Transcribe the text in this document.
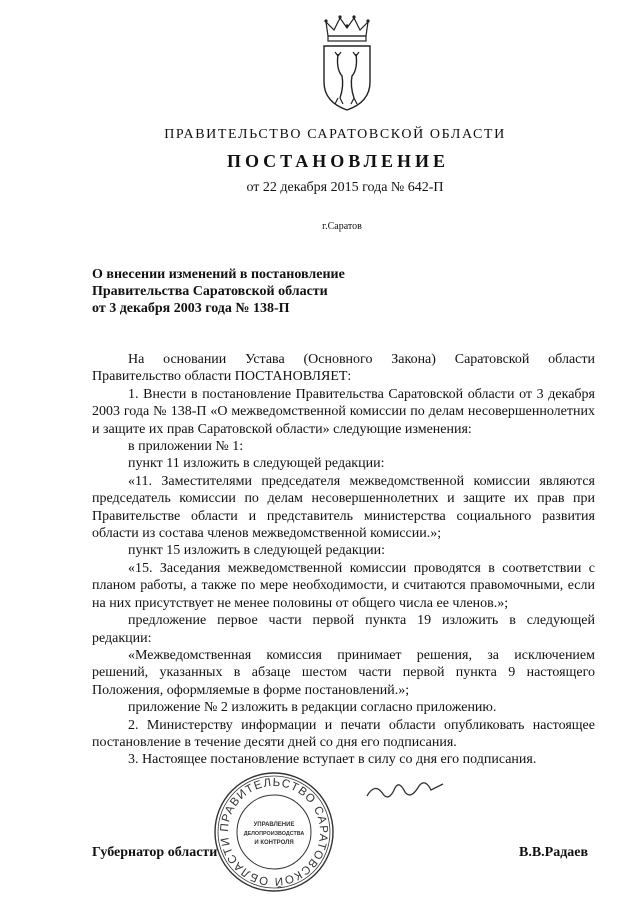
ПРАВИТЕЛЬСТВО САРАТОВСКОЙ ОБЛАСТИ
ПОСТАНОВЛЕНИЕ
от 22 декабря 2015 года № 642-П
г.Саратов
О внесении изменений в постановление
Правительства Саратовской области
от 3 декабря 2003 года № 138-П

На основании Устава (Основного Закона) Саратовской области Правительство области ПОСТАНОВЛЯЕТ:

1. Внести в постановление Правительства Саратовской области от 3 декабря 2003 года № 138-П «О межведомственной комиссии по делам несовершеннолетних и защите их прав Саратовской области» следующие изменения:

в приложении № 1:

пункт 11 изложить в следующей редакции:

«11. Заместителями председателя межведомственной комиссии являются председатель комиссии по делам несовершеннолетних и защите их прав при Правительстве области и представитель министерства социального развития области из состава членов межведомственной комиссии.»;

пункт 15 изложить в следующей редакции:

«15. Заседания межведомственной комиссии проводятся в соответствии с планом работы, а также по мере необходимости, и считаются правомочными, если на них присутствует не менее половины от общего числа ее членов.»;

предложение первое части первой пункта 19 изложить в следующей редакции:

«Межведомственная комиссия принимает решения, за исключением решений, указанных в абзаце шестом части первой пункта 9 настоящего Положения, оформляемые в форме постановлений.»;

приложение № 2 изложить в редакции согласно приложению.

2. Министерству информации и печати области опубликовать настоящее постановление в течение десяти дней со дня его подписания.

3. Настоящее постановление вступает в силу со дня его подписания.

ПРАВИТЕЛЬСТВО САРАТОВСКОЙ ОБЛАСТИ
УПРАВЛЕНИЕ
ДЕЛОПРОИЗВОДСТВА
И КОНТРОЛЯ
Губернатор области	В.В.Радаев
